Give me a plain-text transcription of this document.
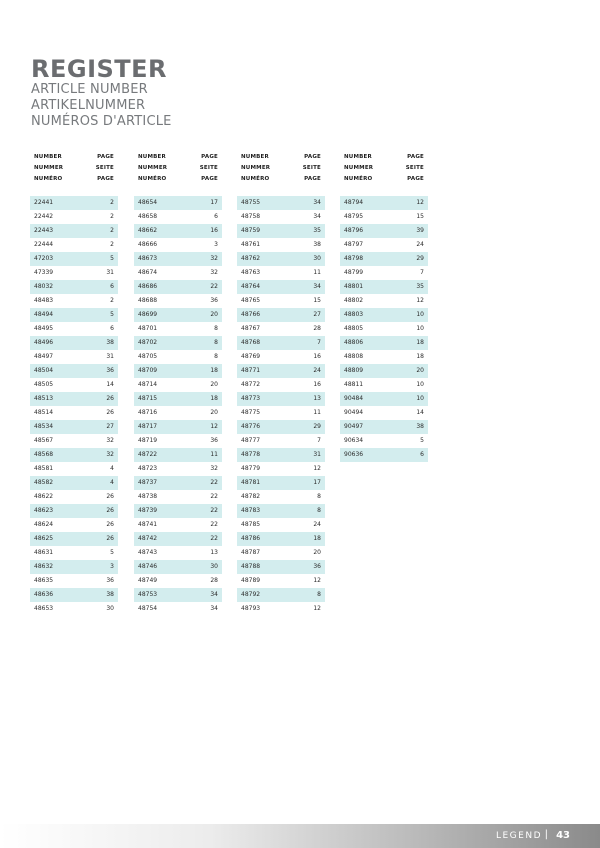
REGISTER
ARTICLE NUMBER
ARTIKELNUMMER
NUMÉROS D'ARTICLE
NUMBER	PAGE
NUMMER	SEITE
NUMÉRO	PAGE
22441	2
22442	2
22443	2
22444	2
47203	5
47339	31
48032	6
48483	2
48494	5
48495	6
48496	38
48497	31
48504	36
48505	14
48513	26
48514	26
48534	27
48567	32
48568	32
48581	4
48582	4
48622	26
48623	26
48624	26
48625	26
48631	5
48632	3
48635	36
48636	38
48653	30
NUMBER	PAGE
NUMMER	SEITE
NUMÉRO	PAGE
48654	17
48658	6
48662	16
48666	3
48673	32
48674	32
48686	22
48688	36
48699	20
48701	8
48702	8
48705	8
48709	18
48714	20
48715	18
48716	20
48717	12
48719	36
48722	11
48723	32
48737	22
48738	22
48739	22
48741	22
48742	22
48743	13
48746	30
48749	28
48753	34
48754	34
NUMBER	PAGE
NUMMER	SEITE
NUMÉRO	PAGE
48755	34
48758	34
48759	35
48761	38
48762	30
48763	11
48764	34
48765	15
48766	27
48767	28
48768	7
48769	16
48771	24
48772	16
48773	13
48775	11
48776	29
48777	7
48778	31
48779	12
48781	17
48782	8
48783	8
48785	24
48786	18
48787	20
48788	36
48789	12
48792	8
48793	12
NUMBER	PAGE
NUMMER	SEITE
NUMÉRO	PAGE
48794	12
48795	15
48796	39
48797	24
48798	29
48799	7
48801	35
48802	12
48803	10
48805	10
48806	18
48808	18
48809	20
48811	10
90484	10
90494	14
90497	38
90634	5
90636	6
LEGEND | 43
